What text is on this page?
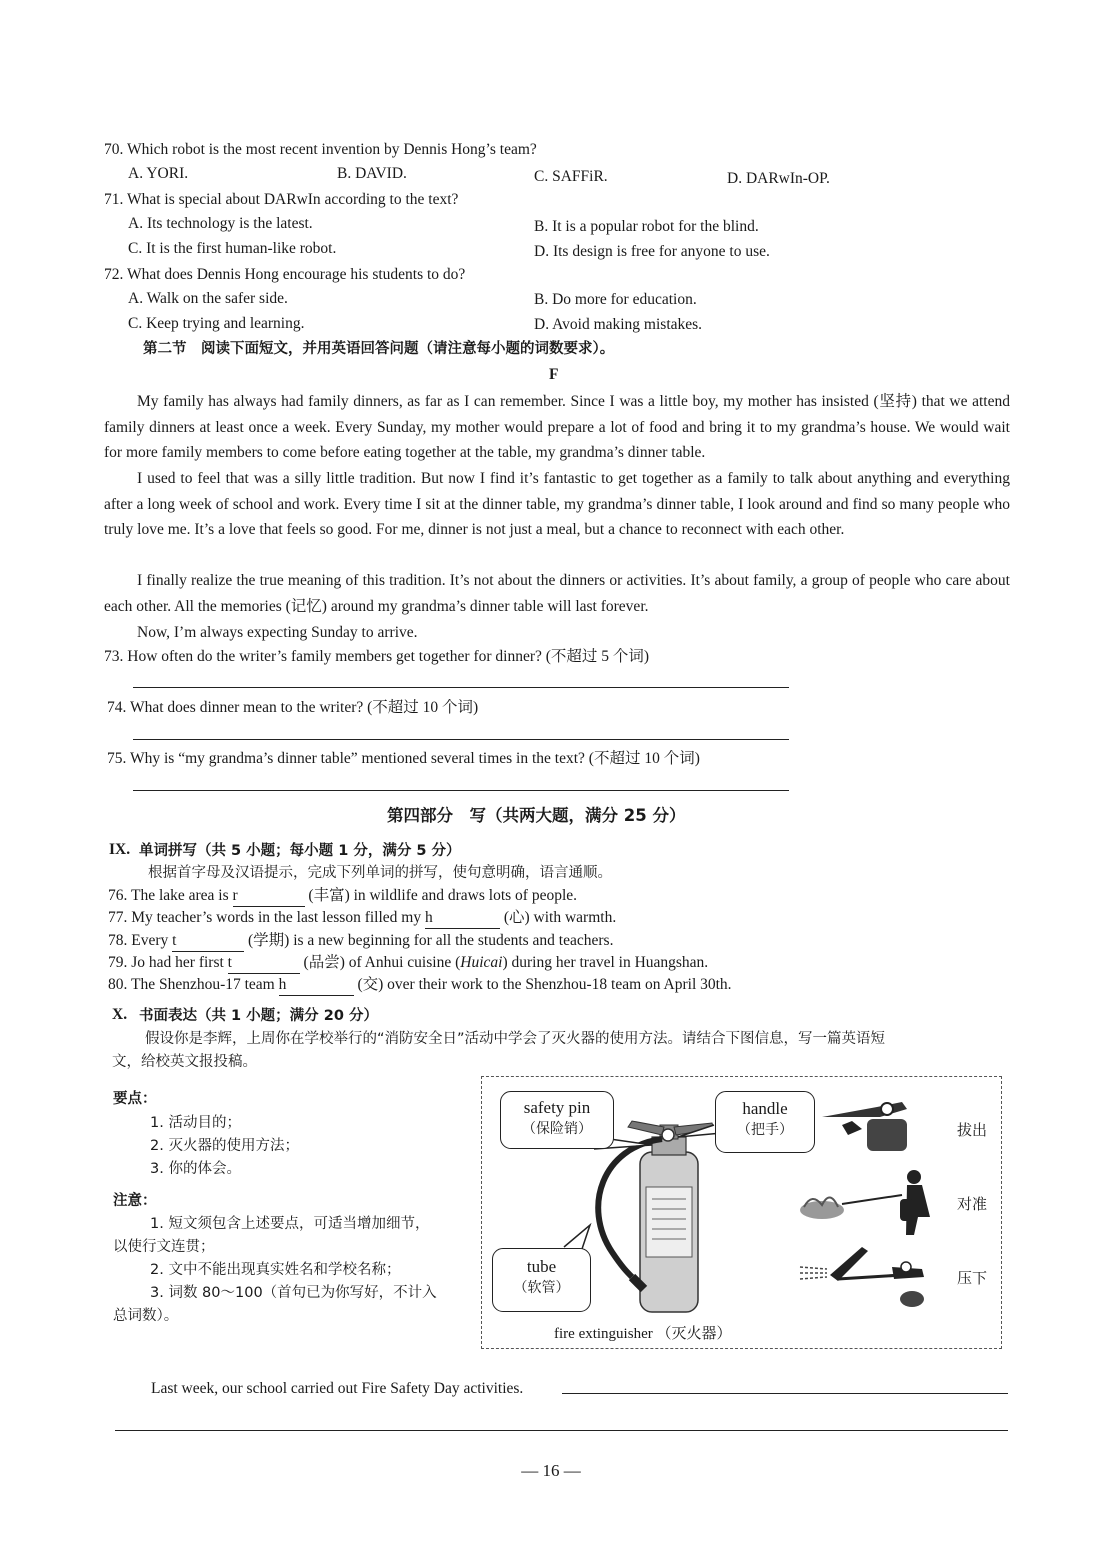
70. Which robot is the most recent invention by Dennis Hong’s team?
A. YORI.	B. DAVID.	C. SAFFiR.	D. DARwIn-OP.
71. What is special about DARwIn according to the text?
A. Its technology is the latest.	B. It is a popular robot for the blind.
C. It is the first human-like robot.	D. Its design is free for anyone to use.
72. What does Dennis Hong encourage his students to do?
A. Walk on the safer side.	B. Do more for education.
C. Keep trying and learning.	D. Avoid making mistakes.
第二节　阅读下面短文，并用英语回答问题（请注意每小题的词数要求）。
F
My family has always had family dinners, as far as I can remember. Since I was a little boy, my mother has insisted (坚持) that we attend family dinners at least once a week. Every Sunday, my mother would prepare a lot of food and bring it to my grandma’s house. We would wait for more family members to come before eating together at the table, my grandma’s dinner table.
I used to feel that was a silly little tradition. But now I find it’s fantastic to get together as a family to talk about anything and everything after a long week of school and work. Every time I sit at the dinner table, my grandma’s dinner table, I look around and find so many people who truly love me. It’s a love that feels so good. For me, dinner is not just a meal, but a chance to reconnect with each other.
I finally realize the true meaning of this tradition. It’s not about the dinners or activities. It’s about family, a group of people who care about each other. All the memories (记忆) around my grandma’s dinner table will last forever.
Now, I’m always expecting Sunday to arrive.
73. How often do the writer’s family members get together for dinner? (不超过 5 个词)
74. What does dinner mean to the writer? (不超过 10 个词)
75. Why is “my grandma’s dinner table” mentioned several times in the text? (不超过 10 个词)
第四部分　写（共两大题，满分 25 分）
IX. 单词拼写（共 5 小题；每小题 1 分，满分 5 分）
根据首字母及汉语提示，完成下列单词的拼写，使句意明确，语言通顺。
76. The lake area is r	(丰富) in wildlife and draws lots of people.
77. My teacher’s words in the last lesson filled my h	(心) with warmth.
78. Every t	(学期) is a new beginning for all the students and teachers.
79. Jo had her first t	(品尝) of Anhui cuisine (Huicai) during her travel in Huangshan.
80. The Shenzhou-17 team h	(交) over their work to the Shenzhou-18 team on April 30th.
X. 书面表达（共 1 小题；满分 20 分）
假设你是李辉，上周你在学校举行的“消防安全日”活动中学会了灭火器的使用方法。请结合下图信息，写一篇英语短
文，给校英文报投稿。
要点：
1. 活动目的；
2. 灭火器的使用方法；
3. 你的体会。
注意：
1. 短文须包含上述要点，可适当增加细节，
以使行文连贯；
2. 文中不能出现真实姓名和学校名称；
3. 词数 80～100（首句已为你写好，不计入
总词数）。
safety pin
（保险销）
handle
（把手）
tube
（软管）
拔出
对准
压下
fire extinguisher （灭火器）
Last week, our school carried out Fire Safety Day activities.
— 16 —
